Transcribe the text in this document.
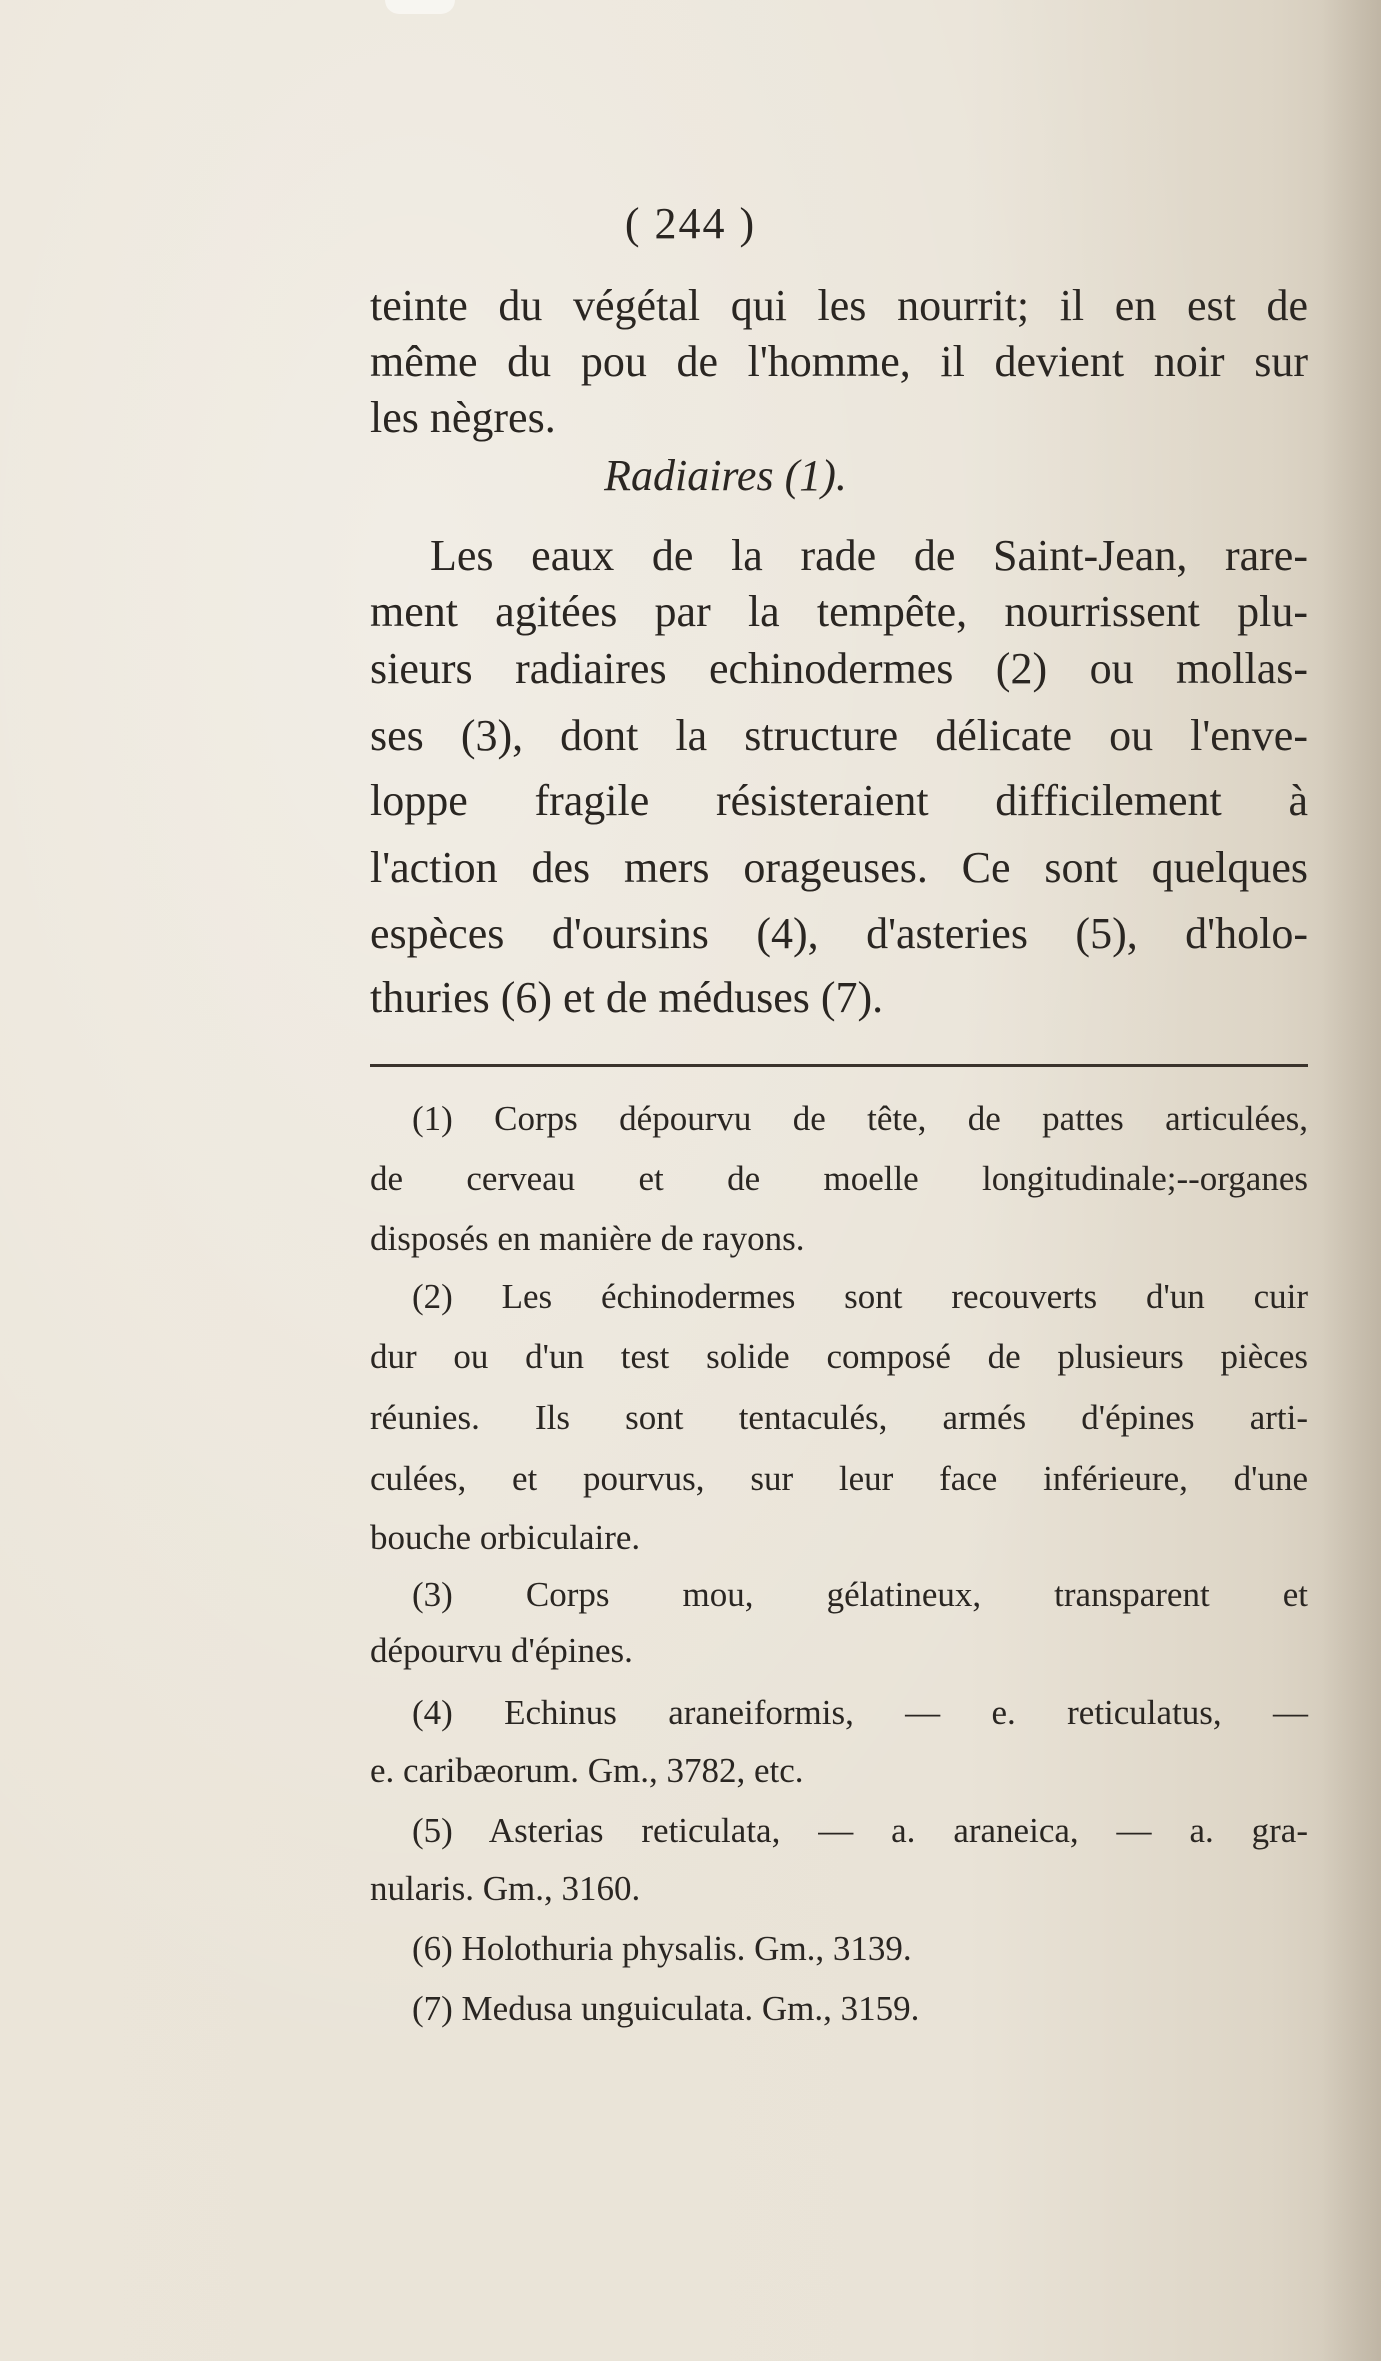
( 244 )
teinte du végétal qui les nourrit; il en est de
même du pou de l'homme, il devient noir sur
les nègres.
Radiaires (1).
Les eaux de la rade de Saint-Jean, rare-
ment agitées par la tempête, nourrissent plu-
sieurs radiaires echinodermes (2) ou mollas-
ses (3), dont la structure délicate ou l'enve-
loppe fragile résisteraient difficilement à
l'action des mers orageuses. Ce sont quelques
espèces d'oursins (4), d'asteries (5), d'holo-
thuries (6) et de méduses (7).
(1) Corps dépourvu de tête, de pattes articulées,
de cerveau et de moelle longitudinale;--organes
disposés en manière de rayons.
(2) Les échinodermes sont recouverts d'un cuir
dur ou d'un test solide composé de plusieurs pièces
réunies. Ils sont tentaculés, armés d'épines arti-
culées, et pourvus, sur leur face inférieure, d'une
bouche orbiculaire.
(3) Corps mou, gélatineux, transparent et
dépourvu d'épines.
(4) Echinus araneiformis, — e. reticulatus, —
e. caribæorum. Gm., 3782, etc.
(5) Asterias reticulata, — a. araneica, — a. gra-
nularis. Gm., 3160.
(6) Holothuria physalis. Gm., 3139.
(7) Medusa unguiculata. Gm., 3159.
